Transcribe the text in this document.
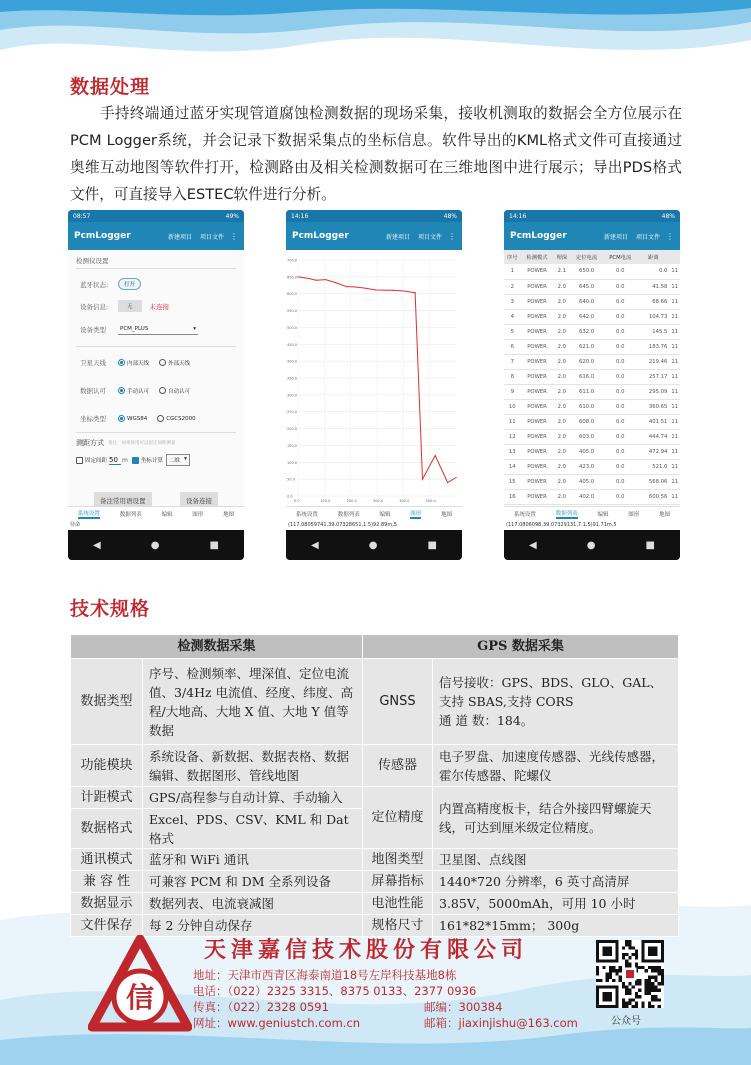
数据处理
手持终端通过蓝牙实现管道腐蚀检测数据的现场采集，接收机测取的数据会全方位展示在PCM Logger系统，并会记录下数据采集点的坐标信息。软件导出的KML格式文件可直接通过奥维互动地图等软件打开，检测路由及相关检测数据可在三维地图中进行展示；导出PDS格式文件，可直接导入ESTEC软件进行分析。
08:57	49%
PcmLogger	新建项目 项目文件 ⋮
检测仪设置
蓝牙状态:	打开
设备信息:	无	未连接
设备类型	PCM_PLUS	▾
卫星天线	内部天线	外部天线
数据认可	手动认可	自动认可
坐标类型	WGS84	CGCS2000
测距方式 备注：如果使用可以固定间距测量
固定间距 50 m 坐标计算 二维 ▾
备注常用语设置	设备连接
系统设置	数据列表	编辑	图形	地图
待命
◀	●	■
14:16	48%
PcmLogger	新建项目 项目文件 ⋮
700.0
650.0
600.0
550.0
500.0
450.0
400.0
350.0
300.0
250.0
200.0
150.0
100.0
50.0
0.0
0.0	100.0	200.0	300.0	400.0	500.0
系统设置	数据列表	编辑	图形	地图
(117.08059741,39.07328651,1.5)92.89m,5
◀	●	■
14:16	48%
PcmLogger	新建项目 项目文件 ⋮
序号	检测模式	埋深	定位电流	PCM电流	距离	
1	POWER	2.1	650.0	0.0	0.0	11
2	POWER	2.0	645.0	0.0	41.58	11
3	POWER	2.0	640.0	0.0	68.66	11
4	POWER	2.0	642.0	0.0	104.73	11
5	POWER	2.0	632.0	0.0	145.5	11
6	POWER	2.0	621.0	0.0	183.76	11
7	POWER	2.0	620.0	0.0	219.46	11
8	POWER	2.0	616.0	0.0	257.17	11
9	POWER	2.0	611.0	0.0	295.09	11
10	POWER	2.0	610.0	0.0	360.65	11
11	POWER	2.0	608.0	0.0	401.51	11
12	POWER	2.0	603.0	0.0	444.74	11
13	POWER	2.0	405.0	0.0	472.94	11
14	POWER	2.0	423.0	0.0	521.0	11
15	POWER	2.0	405.0	0.0	568.06	11
16	POWER	2.0	402.0	0.0	600.56	11
系统设置	数据列表	编辑	图形	地图
(117.0806098,39.07329131,7.1,5)91.71m,5
◀	●	■
技术规格
检测数据采集		GPS 数据采集	
数据类型	序号、检测频率、埋深值、定位电流值、3/4Hz 电流值、经度、纬度、高程/大地高、大地 X 值、大地 Y 值等数据	GNSS	信号接收：GPS、BDS、GLO、GAL、支持 SBAS,支持 CORS
通 道 数：184。

功能模块	系统设备、新数据、数据表格、数据编辑、数据图形、管线地图	传感器	电子罗盘、加速度传感器、光线传感器，霍尔传感器、陀螺仪
计距模式	GPS/高程参与自动计算、手动输入	定位精度	内置高精度板卡，结合外接四臂螺旋天线，可达到厘米级定位精度。
数据格式	Excel、PDS、CSV、KML 和 Dat 格式		
通讯模式	蓝牙和 WiFi 通讯	地图类型	卫星图、点线图
兼 容 性	可兼容 PCM 和 DM 全系列设备	屏幕指标	1440*720 分辨率，6 英寸高清屏
数据显示	数据列表、电流衰减图	电池性能	3.85V，5000mAh，可用 10 小时
文件保存	每 2 分钟自动保存	规格尺寸	161*82*15mm； 300g
信
天津嘉信技术股份有限公司
地址：天津市西青区海泰南道18号左岸科技基地8栋
电话：（022）2325 3315、8375 0133、2377 0936
传真：（022）2328 0591
网址：www.geniustch.com.cn
邮编：300384
邮箱：jiaxinjishu@163.com	公众号
